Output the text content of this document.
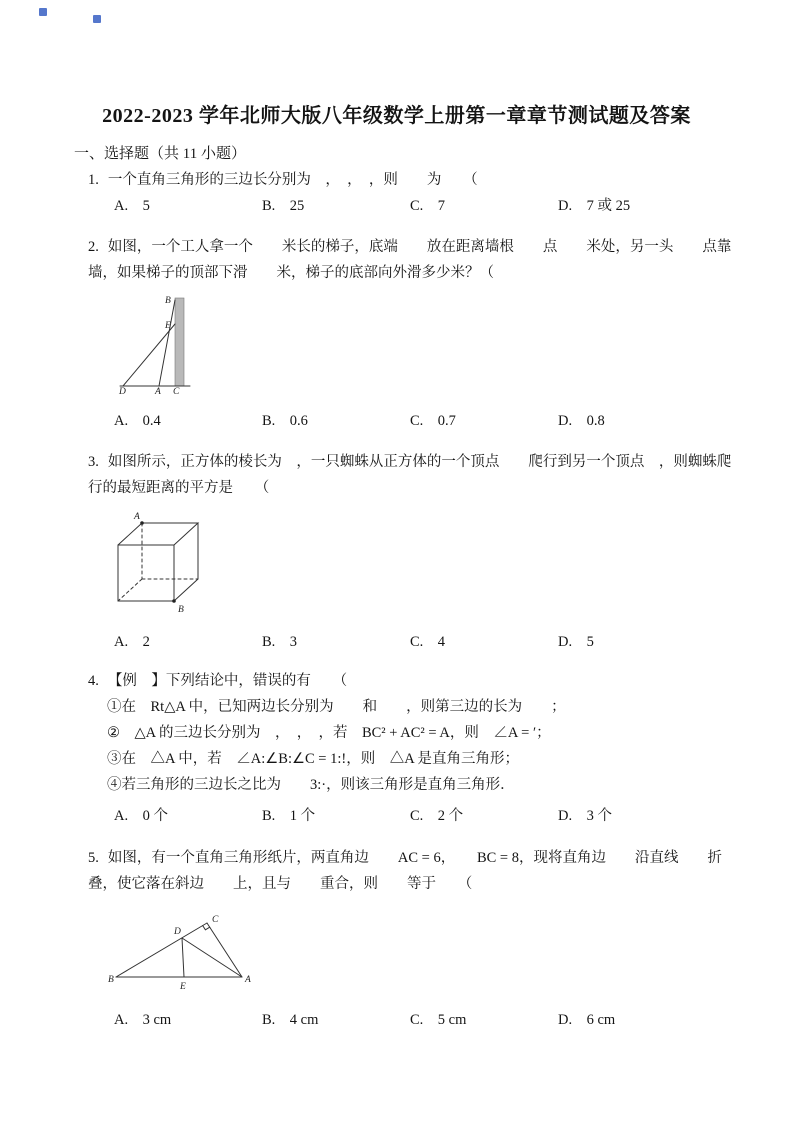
2022-2023 学年北师大版八年级数学上册第一章章节测试题及答案
一、选择题（共 11 小题）

1. 一个直角三角形的三边长分别为　，　，　，则　　为　　（

A.　5	B.　25	C.　7	D.　7 或 25

2. 如图，一个工人拿一个　　米长的梯子，底端　　放在距离墙根　　点　　米处，另一头　　点靠

墙，如果梯子的顶部下滑　　米，梯子的底部向外滑多少米？（

B
E
D	A C
A.　0.4	B.　0.6	C.　0.7	D.　0.8

3. 如图所示，正方体的棱长为　，一只蜘蛛从正方体的一个顶点　　爬行到另一个顶点　，则蜘蛛爬

行的最短距离的平方是　　（

A
B
A.　2	B.　3	C.　4	D.　5

4. 【例　】下列结论中，错误的有　　（

①在　Rt△A 中，已知两边长分别为　　和　　，则第三边的长为　　；

②　△A 的三边长分别为　，　，　，若　BC² + AC² = A，则　∠A = ′；

③在　△A 中，若　∠A:∠B:∠C = 1:!，则　△A 是直角三角形；

④若三角形的三边长之比为　　3:·，则该三角形是直角三角形．

A.　0 个	B.　1 个	C.　2 个	D.　3 个

5. 如图，有一个直角三角形纸片，两直角边　　AC = 6，　　BC = 8，现将直角边　　沿直线　　折

叠，使它落在斜边　　上，且与　　重合，则　　等于　　（

B	A
C
D
E
A.　3 cm	B.　4 cm	C.　5 cm	D.　6 cm
